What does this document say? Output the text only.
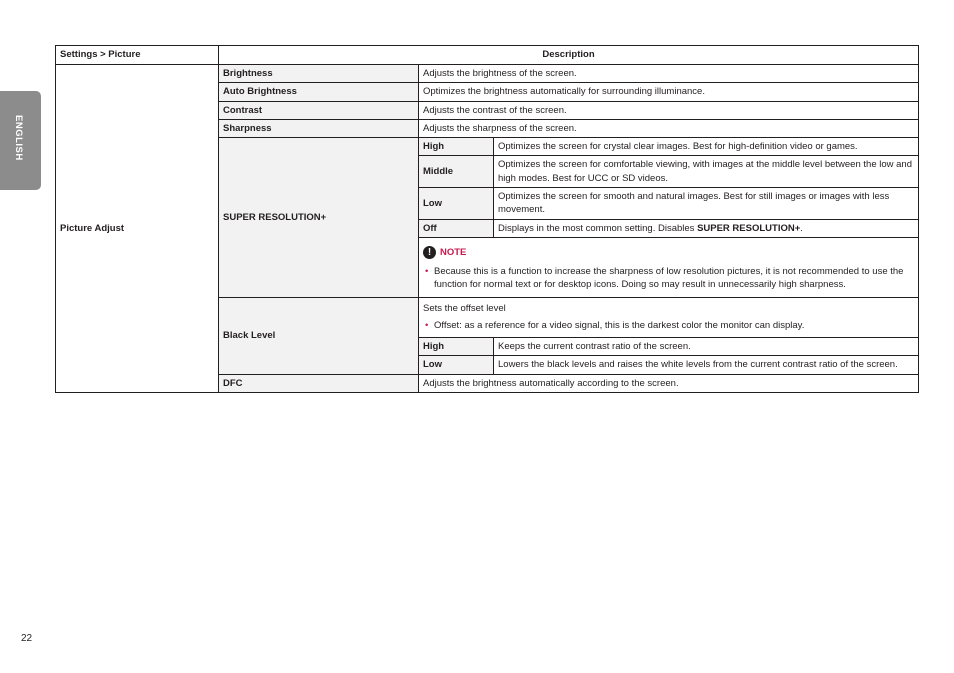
ENGLISH
Settings > Picture	Description		
Picture Adjust	Brightness	Adjusts the brightness of the screen.	
	Auto Brightness	Optimizes the brightness automatically for surrounding illuminance.	
	Contrast	Adjusts the contrast of the screen.	
	Sharpness	Adjusts the sharpness of the screen.	
	SUPER RESOLUTION+	High	Optimizes the screen for crystal clear images. Best for high-definition video or games.
		Middle	Optimizes the screen for comfortable viewing, with images at the middle level between the low and high modes. Best for UCC or SD videos.
		Low	Optimizes the screen for smooth and natural images. Best for still images or images with less movement.
		Off	Displays in the most common setting. Disables SUPER RESOLUTION+.

		! NOTE
• Because this is a function to increase the sharpness of low resolution pictures, it is not recommended to use the function for normal text or for desktop icons. Doing so may result in unnecessarily high sharpness.	

	Black Level	Sets the offset level
• Offset: as a reference for a video signal, this is the darkest color the monitor can display.	

		High	Keeps the current contrast ratio of the screen.
		Low	Lowers the black levels and raises the white levels from the current contrast ratio of the screen.
	DFC	Adjusts the brightness automatically according to the screen.	
22
